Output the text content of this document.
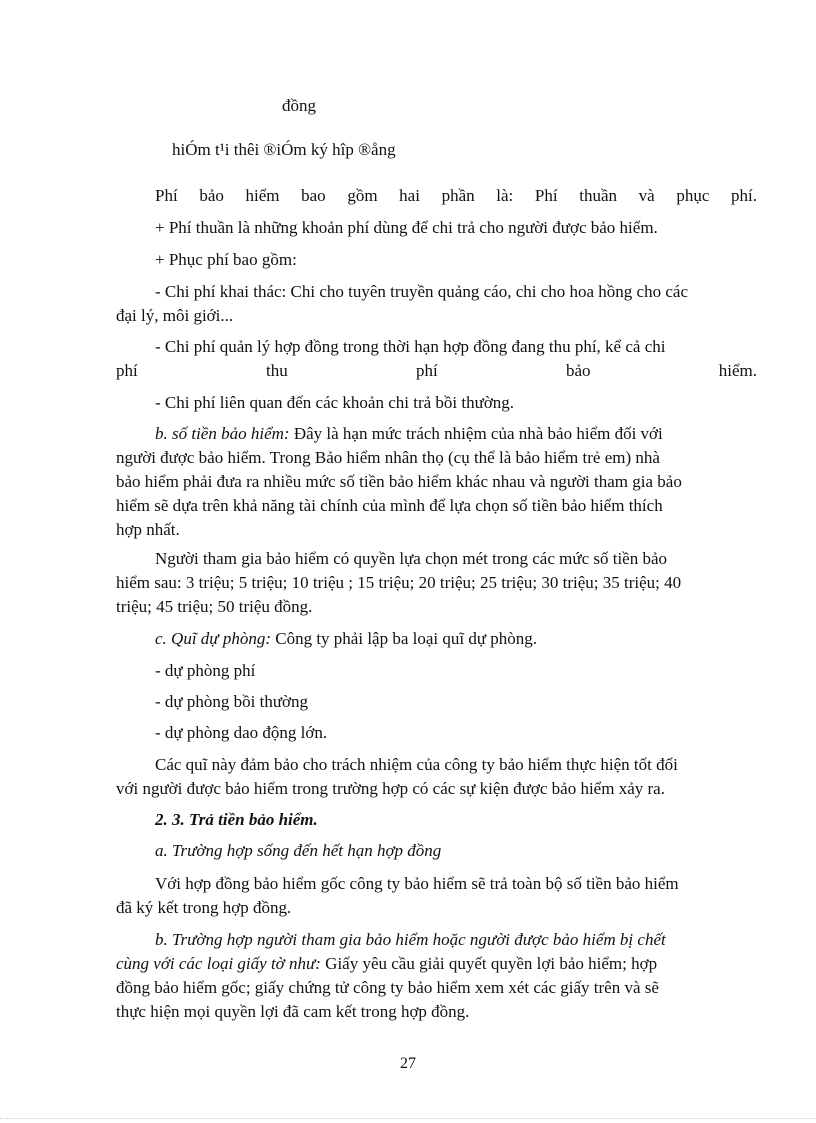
đồng
hiÓm t¹i thêi ®iÓm ký hîp ®ång
Phí bảo hiểm bao gồm hai phần là: Phí thuần và phục phí.
+ Phí thuần là những khoản phí dùng để chi trả cho người được bảo hiểm.
+ Phục phí bao gồm:
- Chi phí khai thác: Chi cho tuyên truyền quảng cáo, chi cho hoa hồng cho các
đại lý, môi giới...
- Chi phí quản lý hợp đồng trong thời hạn hợp đồng đang thu phí, kể cả chi
phí thu phí bảo hiểm.
- Chi phí liên quan đến các khoản chi trả bồi thường.
b. số tiền bảo hiểm: Đây là hạn mức trách nhiệm của nhà bảo hiểm đối với
người được bảo hiểm. Trong Bảo hiểm nhân thọ (cụ thể là bảo hiểm trẻ em) nhà
bảo hiểm phải đưa ra nhiều mức số tiền bảo hiểm khác nhau và người tham gia bảo
hiểm sẽ dựa trên khả năng tài chính của mình để lựa chọn số tiền bảo hiểm thích
hợp nhất.
Người tham gia bảo hiểm có quyền lựa chọn mét trong các mức số tiền bảo
hiểm sau: 3 triệu; 5 triệu; 10 triệu ; 15 triệu; 20 triệu; 25 triệu; 30 triệu; 35 triệu; 40
triệu; 45 triệu; 50 triệu đồng.
c. Quĩ dự phòng: Công ty phải lập ba loại quĩ dự phòng.
- dự phòng phí
- dự phòng bồi thường
- dự phòng dao động lớn.
Các quĩ này đảm bảo cho trách nhiệm của công ty bảo hiểm thực hiện tốt đối
với người được bảo hiểm trong trường hợp có các sự kiện được bảo hiểm xảy ra.
2. 3. Trả tiền bảo hiểm.
a. Trường hợp sống đến hết hạn hợp đồng
Với hợp đồng bảo hiểm gốc công ty bảo hiểm sẽ trả toàn bộ số tiền bảo hiểm
đã ký kết trong hợp đồng.
b. Trường hợp người tham gia bảo hiểm hoặc người được bảo hiểm bị chết
cùng với các loại giấy tờ như: Giấy yêu cầu giải quyết quyền lợi bảo hiểm; hợp
đồng bảo hiểm gốc; giấy chứng tử công ty bảo hiểm xem xét các giấy trên và sẽ
thực hiện mọi quyền lợi đã cam kết trong hợp đồng.
27
